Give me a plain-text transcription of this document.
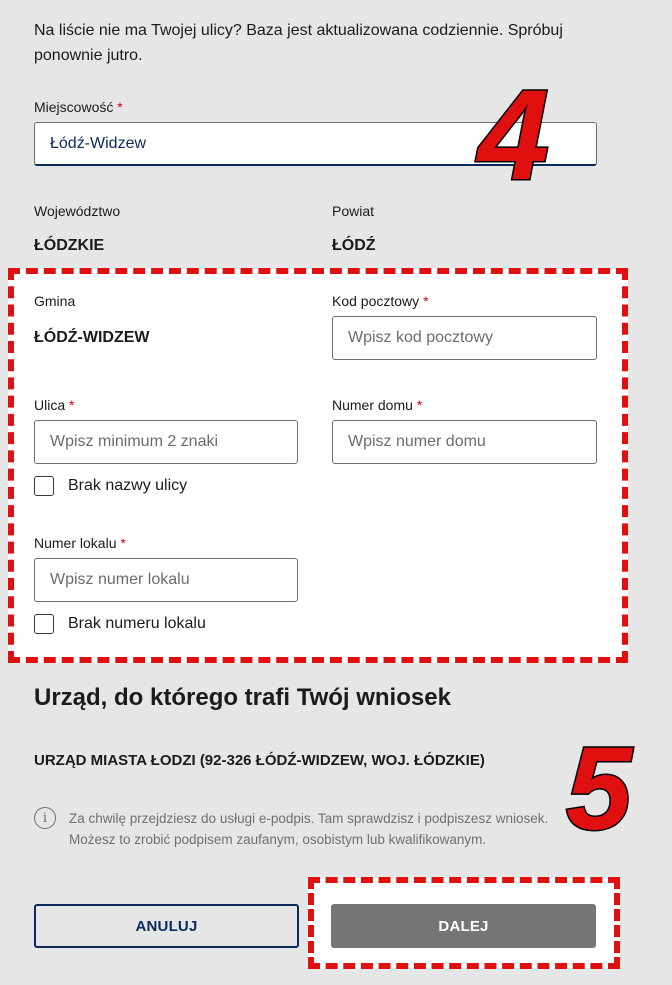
Na liście nie ma Twojej ulicy? Baza jest aktualizowana codziennie. Spróbuj ponownie jutro.
Miejscowość *
Łódź-Widzew	4
Województwo
ŁÓDZKIE
Powiat
ŁÓDŹ
Gmina
ŁÓDŹ-WIDZEW
Kod pocztowy *
Wpisz kod pocztowy
Ulica *
Wpisz minimum 2 znaki	Numer domu *
Wpisz numer domu
Brak nazwy ulicy
Numer lokalu *
Wpisz numer lokalu
Brak numeru lokalu
Urząd, do którego trafi Twój wniosek
URZĄD MIASTA ŁODZI (92-326 ŁÓDŹ-WIDZEW, WOJ. ŁÓDZKIE)
i	Za chwilę przejdziesz do usługi e-podpis. Tam sprawdzisz i podpiszesz wniosek.
Możesz to zrobić podpisem zaufanym, osobistym lub kwalifikowanym. 5
ANULUJ	DALEJ
